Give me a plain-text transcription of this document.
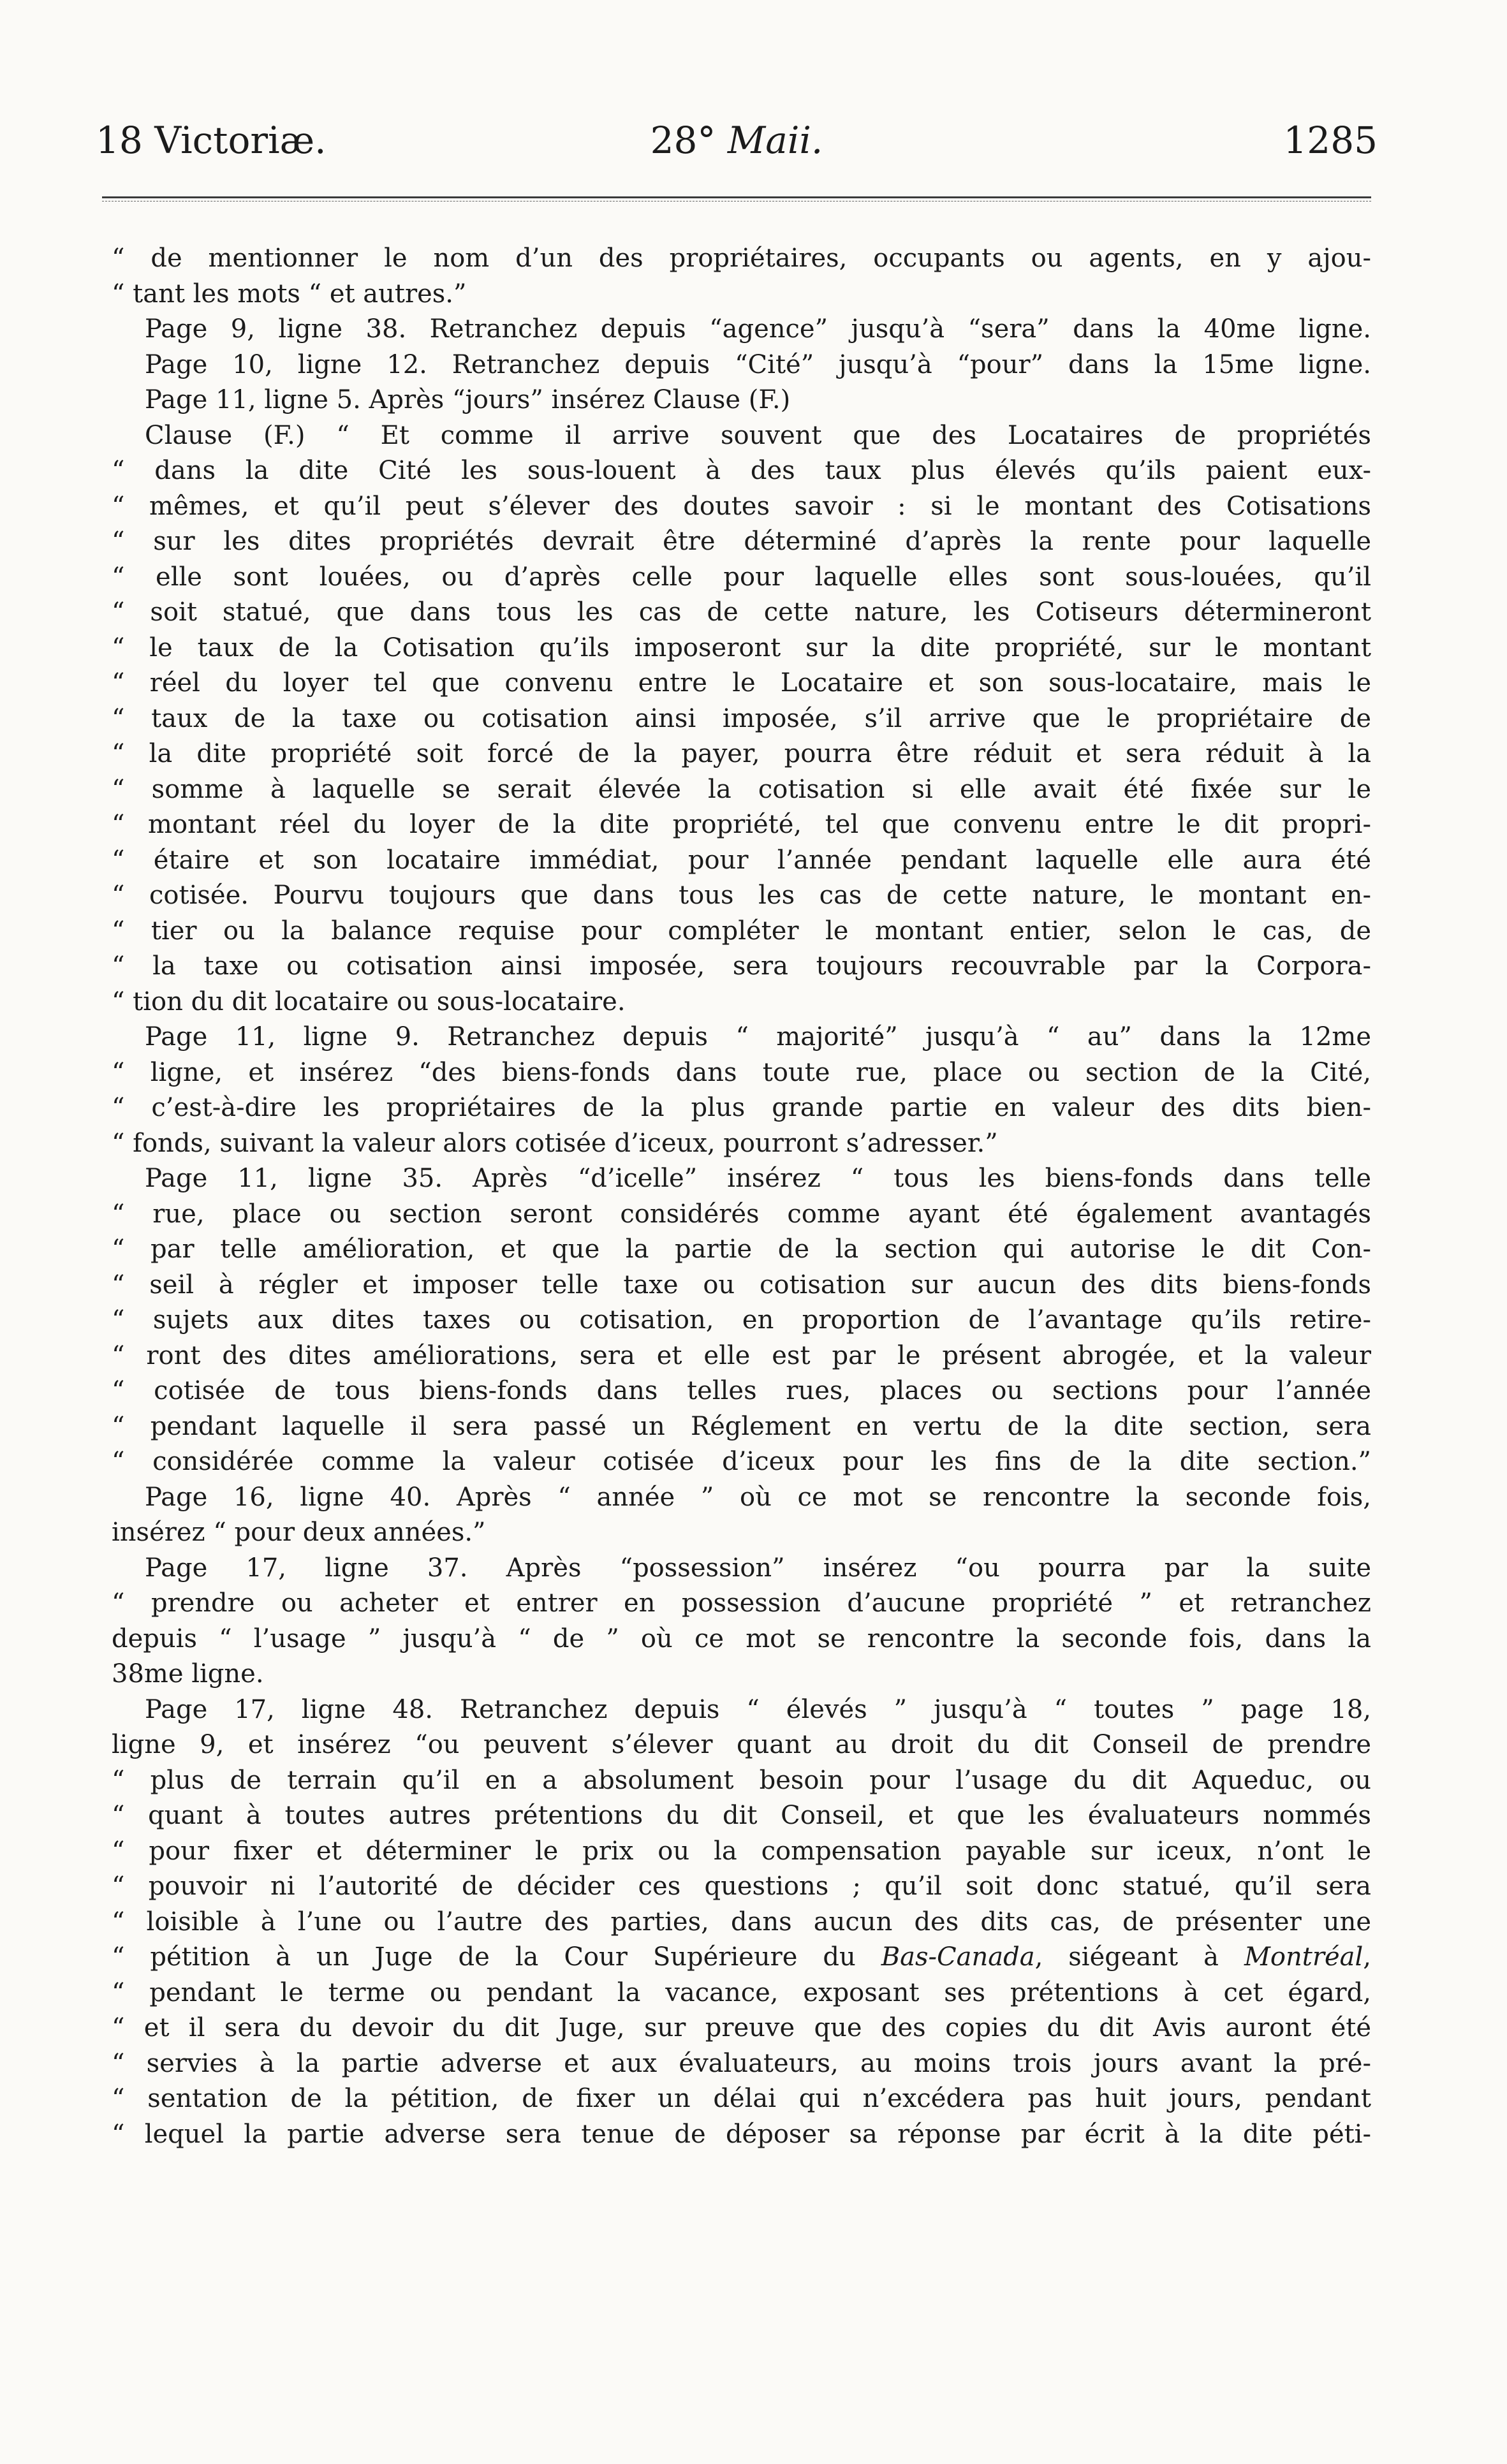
18 Victoriæ.	28° Maii.	1285
“ de mentionner le nom d’un des propriétaires, occupants ou agents, en y ajou-
“ tant les mots “ et autres.”
Page 9, ligne 38. Retranchez depuis “agence” jusqu’à “sera” dans la 40me ligne.
Page 10, ligne 12. Retranchez depuis “Cité” jusqu’à “pour” dans la 15me ligne.
Page 11, ligne 5. Après “jours” insérez Clause (F.)
Clause (F.) “ Et comme il arrive souvent que des Locataires de propriétés
“ dans la dite Cité les sous-louent à des taux plus élevés qu’ils paient eux-
“ mêmes, et qu’il peut s’élever des doutes savoir : si le montant des Cotisations
“ sur les dites propriétés devrait être déterminé d’après la rente pour laquelle
“ elle sont louées, ou d’après celle pour laquelle elles sont sous-louées, qu’il
“ soit statué, que dans tous les cas de cette nature, les Cotiseurs détermineront
“ le taux de la Cotisation qu’ils imposeront sur la dite propriété, sur le montant
“ réel du loyer tel que convenu entre le Locataire et son sous-locataire, mais le
“ taux de la taxe ou cotisation ainsi imposée, s’il arrive que le propriétaire de
“ la dite propriété soit forcé de la payer, pourra être réduit et sera réduit à la
“ somme à laquelle se serait élevée la cotisation si elle avait été fixée sur le
“ montant réel du loyer de la dite propriété, tel que convenu entre le dit propri-
“ étaire et son locataire immédiat, pour l’année pendant laquelle elle aura été
“ cotisée. Pourvu toujours que dans tous les cas de cette nature, le montant en-
“ tier ou la balance requise pour compléter le montant entier, selon le cas, de
“ la taxe ou cotisation ainsi imposée, sera toujours recouvrable par la Corpora-
“ tion du dit locataire ou sous-locataire.
Page 11, ligne 9. Retranchez depuis “ majorité” jusqu’à “ au” dans la 12me
“ ligne, et insérez “des biens-fonds dans toute rue, place ou section de la Cité,
“ c’est-à-dire les propriétaires de la plus grande partie en valeur des dits bien-
“ fonds, suivant la valeur alors cotisée d’iceux, pourront s’adresser.”
Page 11, ligne 35. Après “d’icelle” insérez “ tous les biens-fonds dans telle
“ rue, place ou section seront considérés comme ayant été également avantagés
“ par telle amélioration, et que la partie de la section qui autorise le dit Con-
“ seil à régler et imposer telle taxe ou cotisation sur aucun des dits biens-fonds
“ sujets aux dites taxes ou cotisation, en proportion de l’avantage qu’ils retire-
“ ront des dites améliorations, sera et elle est par le présent abrogée, et la valeur
“ cotisée de tous biens-fonds dans telles rues, places ou sections pour l’année
“ pendant laquelle il sera passé un Réglement en vertu de la dite section, sera
“ considérée comme la valeur cotisée d’iceux pour les fins de la dite section.”
Page 16, ligne 40. Après “ année ” où ce mot se rencontre la seconde fois,
insérez “ pour deux années.”
Page 17, ligne 37. Après “possession” insérez “ou pourra par la suite
“ prendre ou acheter et entrer en possession d’aucune propriété ” et retranchez
depuis “ l’usage ” jusqu’à “ de ” où ce mot se rencontre la seconde fois, dans la
38me ligne.
Page 17, ligne 48. Retranchez depuis “ élevés ” jusqu’à “ toutes ” page 18,
ligne 9, et insérez “ou peuvent s’élever quant au droit du dit Conseil de prendre
“ plus de terrain qu’il en a absolument besoin pour l’usage du dit Aqueduc, ou
“ quant à toutes autres prétentions du dit Conseil, et que les évaluateurs nommés
“ pour fixer et déterminer le prix ou la compensation payable sur iceux, n’ont le
“ pouvoir ni l’autorité de décider ces questions ; qu’il soit donc statué, qu’il sera
“ loisible à l’une ou l’autre des parties, dans aucun des dits cas, de présenter une
“ pétition à un Juge de la Cour Supérieure du Bas-Canada, siégeant à Montréal,
“ pendant le terme ou pendant la vacance, exposant ses prétentions à cet égard,
“ et il sera du devoir du dit Juge, sur preuve que des copies du dit Avis auront été
“ servies à la partie adverse et aux évaluateurs, au moins trois jours avant la pré-
“ sentation de la pétition, de fixer un délai qui n’excédera pas huit jours, pendant
“ lequel la partie adverse sera tenue de déposer sa réponse par écrit à la dite péti-
